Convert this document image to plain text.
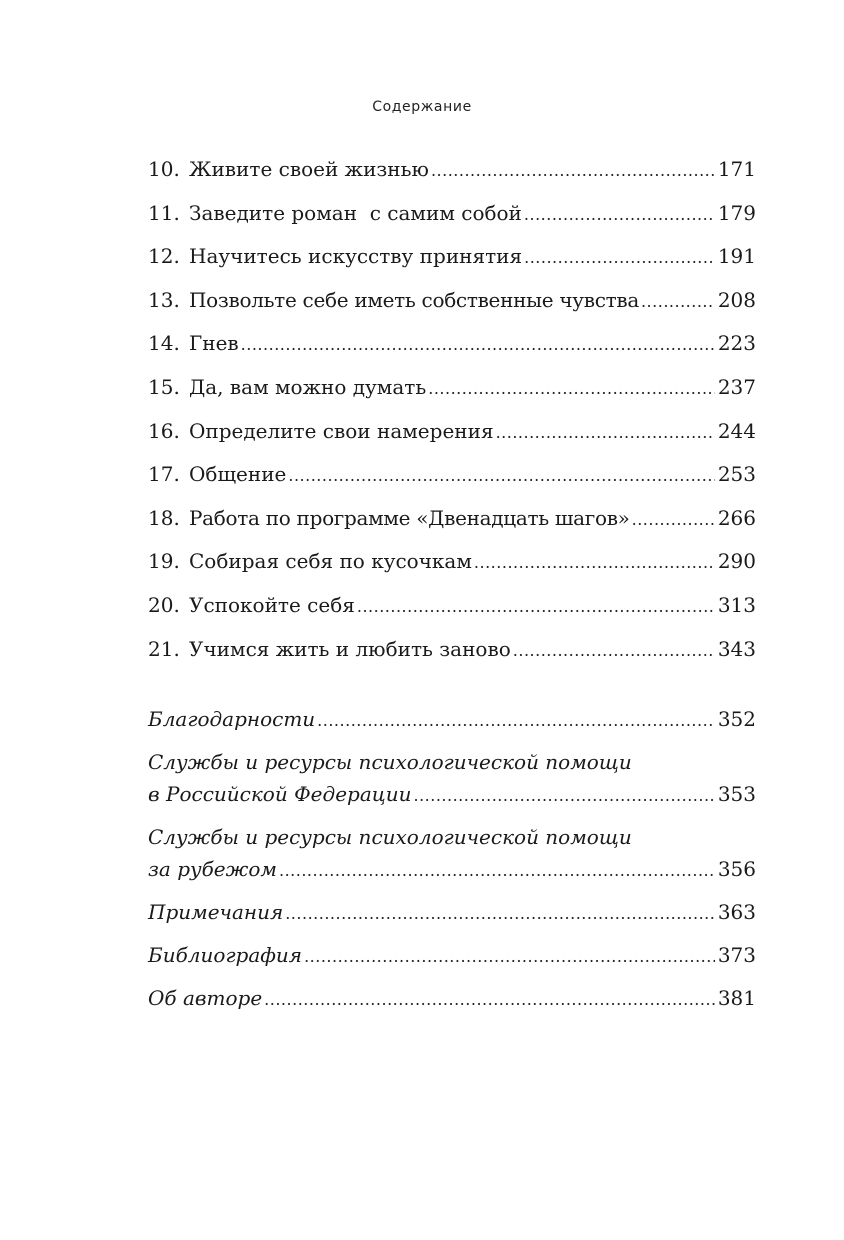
Содержание
10. Живите своей жизнью .....	171
11. Заведите роман  с самим собой .....	179
12. Научитесь искусству принятия .....	191
13. Позвольте себе иметь собственные чувства .....	208
14. Гнев .....	223
15. Да, вам можно думать .....	237
16. Определите свои намерения .....	244
17. Общение .....	253
18. Работа по программе «Двенадцать шагов» .....	266
19. Собирая себя по кусочкам .....	290
20. Успокойте себя .....	313
21. Учимся жить и любить заново .....	343
Благодарности .....	352
Службы и ресурсы психологической помощи
в Российской Федерации .....	353
Службы и ресурсы психологической помощи
за рубежом .....	356
Примечания .....	363
Библиография .....	373
Об авторе .....	381
